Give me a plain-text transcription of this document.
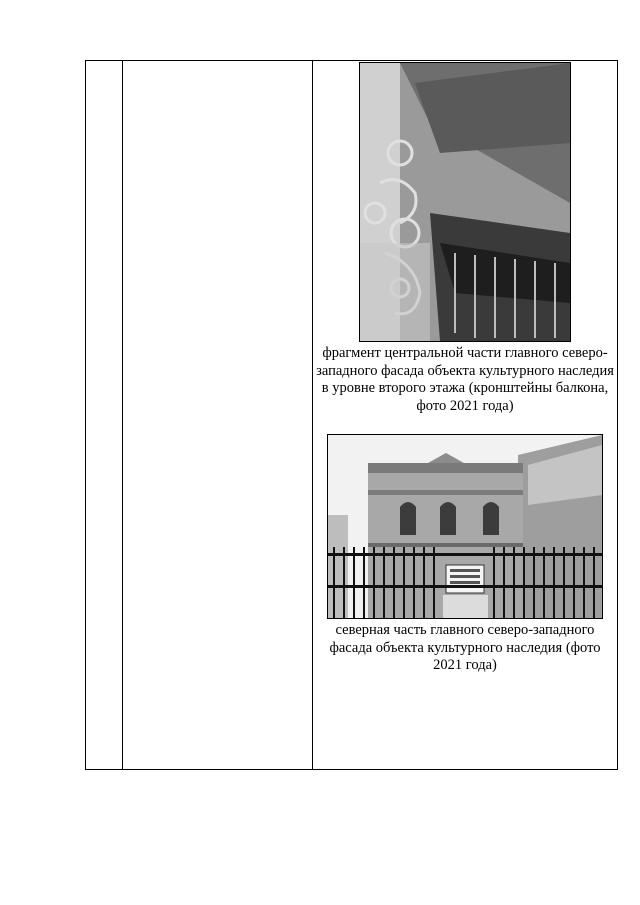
фрагмент центральной части главного северо-западного фасада объекта культурного наследия в уровне второго этажа (кронштейны балкона, фото 2021 года)

северная часть главного северо-западного фасада объекта культурного наследия (фото 2021 года)
